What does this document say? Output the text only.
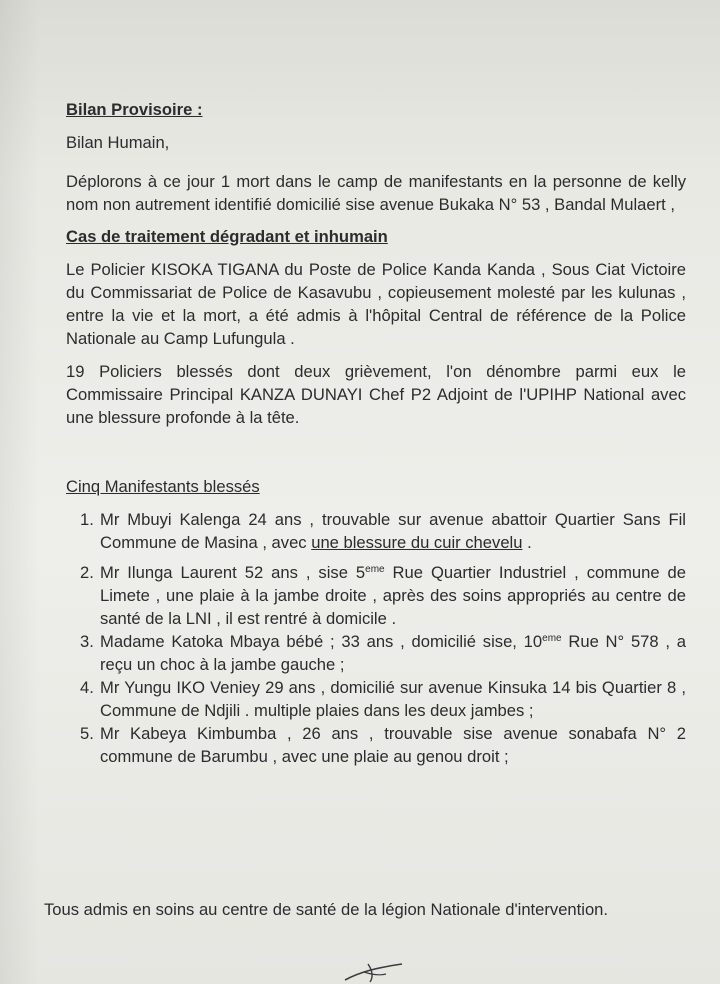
Bilan Provisoire :

Bilan Humain,

Déplorons à ce jour 1 mort dans le camp de manifestants en la personne de kelly nom non autrement identifié domicilié sise avenue Bukaka N° 53 , Bandal Mulaert ,

Cas de traitement dégradant et inhumain

Le Policier KISOKA TIGANA du Poste de Police Kanda Kanda , Sous Ciat Victoire du Commissariat de Police de Kasavubu , copieusement molesté par les kulunas , entre la vie et la mort, a été admis à l'hôpital Central de référence de la Police Nationale au Camp Lufungula .

19 Policiers blessés dont deux grièvement, l'on dénombre parmi eux le Commissaire Principal KANZA DUNAYI Chef P2 Adjoint de l'UPIHP National avec une blessure profonde à la tête.

Cinq Manifestants blessés

1. Mr Mbuyi Kalenga 24 ans , trouvable sur avenue abattoir Quartier Sans Fil Commune de Masina , avec une blessure du cuir chevelu .
2. Mr Ilunga Laurent 52 ans , sise 5eme Rue Quartier Industriel , commune de Limete , une plaie à la jambe droite , après des soins appropriés au centre de santé de la LNI , il est rentré à domicile .
3. Madame Katoka Mbaya bébé ; 33 ans , domicilié sise, 10eme Rue N° 578 , a reçu un choc à la jambe gauche ;
4. Mr Yungu IKO Veniey 29 ans , domicilié sur avenue Kinsuka 14 bis Quartier 8 , Commune de Ndjili . multiple plaies dans les deux jambes ;
5. Mr Kabeya Kimbumba , 26 ans , trouvable sise avenue sonabafa N° 2 commune de Barumbu , avec une plaie au genou droit ;

Tous admis en soins au centre de santé de la légion Nationale d'intervention.
